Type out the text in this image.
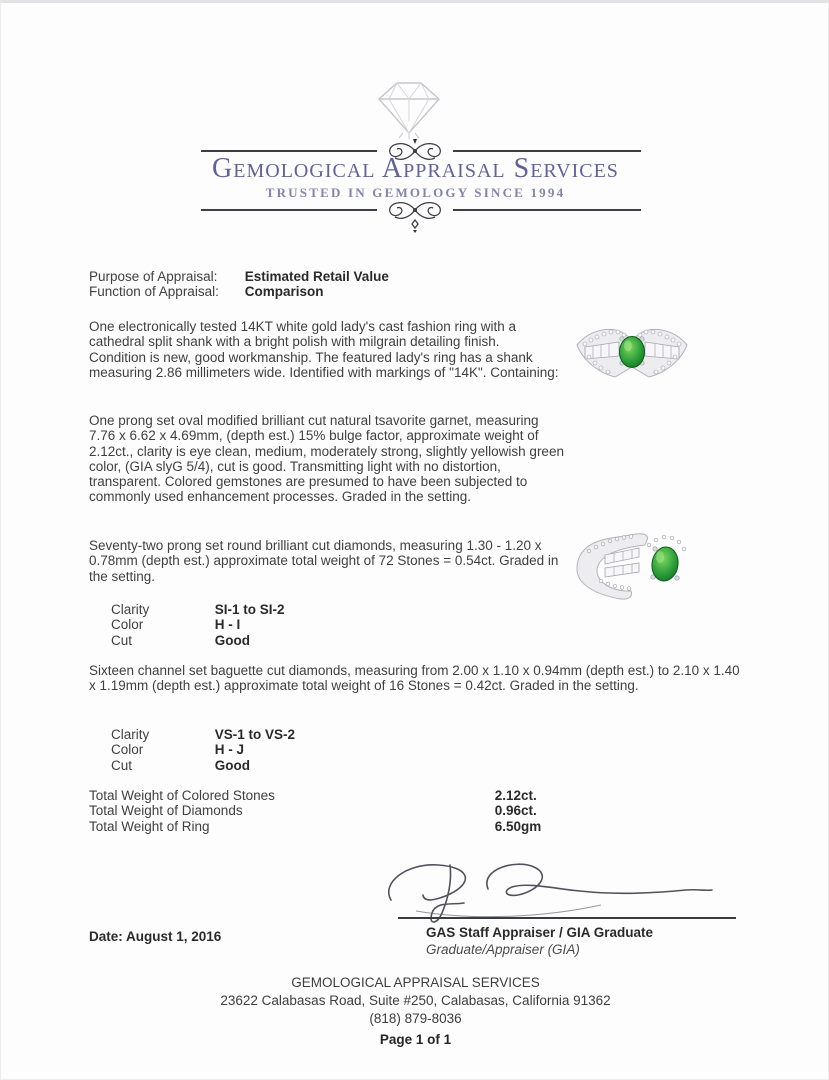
Gemological Appraisal Services
TRUSTED IN GEMOLOGY SINCE 1994
Purpose of Appraisal: Estimated Retail Value
Function of Appraisal: Comparison
One electronically tested 14KT white gold lady's cast fashion ring with a cathedral split shank with a bright polish with milgrain detailing finish. Condition is new, good workmanship. The featured lady's ring has a shank measuring 2.86 millimeters wide. Identified with markings of "14K". Containing:
One prong set oval modified brilliant cut natural tsavorite garnet, measuring 7.76 x 6.62 x 4.69mm, (depth est.) 15% bulge factor, approximate weight of 2.12ct., clarity is eye clean, medium, moderately strong, slightly yellowish green color, (GIA slyG 5/4), cut is good. Transmitting light with no distortion, transparent. Colored gemstones are presumed to have been subjected to commonly used enhancement processes. Graded in the setting.
Seventy-two prong set round brilliant cut diamonds, measuring 1.30 - 1.20 x 0.78mm (depth est.) approximate total weight of 72 Stones = 0.54ct. Graded in the setting.
Clarity	SI-1 to SI-2
Color	H - I
Cut	Good
Sixteen channel set baguette cut diamonds, measuring from 2.00 x 1.10 x 0.94mm (depth est.) to 2.10 x 1.40 x 1.19mm (depth est.) approximate total weight of 16 Stones = 0.42ct. Graded in the setting.
Clarity	VS-1 to VS-2
Color	H - J
Cut	Good
Total Weight of Colored Stones	2.12ct.
Total Weight of Diamonds	0.96ct.
Total Weight of Ring	6.50gm
GAS Staff Appraiser / GIA Graduate
Graduate/Appraiser (GIA)
Date: August 1, 2016
GEMOLOGICAL APPRAISAL SERVICES
23622 Calabasas Road, Suite #250, Calabasas, California 91362
(818) 879-8036
Page 1 of 1
